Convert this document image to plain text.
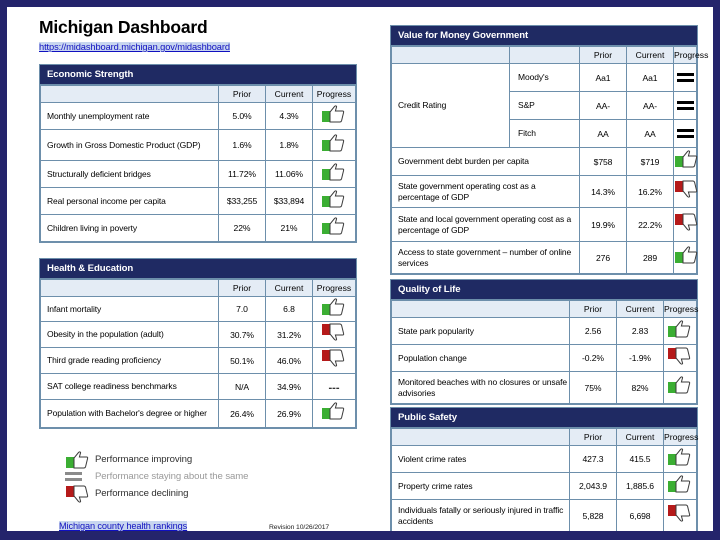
Michigan Dashboard
https://midashboard.michigan.gov/midashboard
Economic Strength
	Prior	Current	Progress
Monthly unemployment rate	5.0%	4.3%	

Growth in Gross Domestic Product (GDP)	1.6%	1.8%	

Structurally deficient bridges	11.72%	11.06%	

Real personal income per capita	$33,255	$33,894	

Children living in poverty	22%	21%	
Health & Education
	Prior	Current	Progress
Infant mortality	7.0	6.8	

Obesity in the population (adult)	30.7%	31.2%	

Third grade reading proficiency	50.1%	46.0%	

SAT college readiness benchmarks	N/A	34.9%	---
Population with Bachelor's degree or higher	26.4%	26.9%	
Value for Money Government
		Prior	Current	Progress
Credit Rating	Moody's	Aa1	Aa1	
	S&P	AA-	AA-	
	Fitch	AA	AA	
Government debt burden per capita		$758	$719	

State government operating cost as a percentage of GDP		14.3%	16.2%	

State and local government operating cost as a percentage of GDP		19.9%	22.2%	

Access to state government – number of online services		276	289	
Quality of Life
	Prior	Current	Progress
State park popularity	2.56	2.83	

Population change	-0.2%	-1.9%	

Monitored beaches with no closures or unsafe advisories	75%	82%	
Public Safety
	Prior	Current	Progress
Violent crime rates	427.3	415.5	

Property crime rates	2,043.9	1,885.6	

Individuals fatally or seriously injured in traffic accidents	5,828	6,698	
Performance improving
Performance staying about the same
Performance declining
Michigan county health rankings	Revision 10/26/2017
